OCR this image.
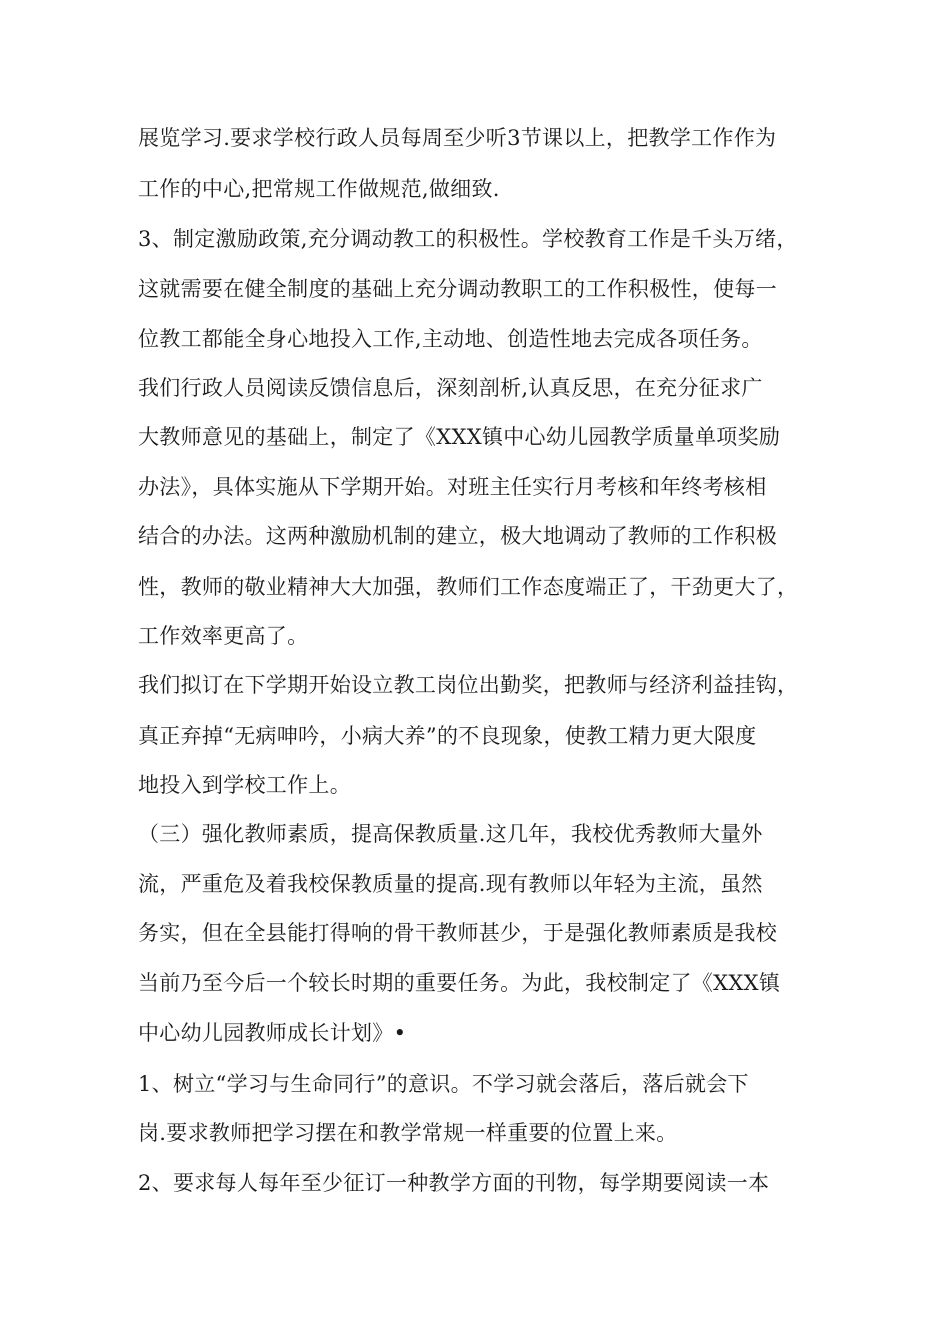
展览学习.要求学校行政人员每周至少听3节课以上，把教学工作作为

工作的中心,把常规工作做规范,做细致.

3、制定激励政策,充分调动教工的积极性。学校教育工作是千头万绪，

这就需要在健全制度的基础上充分调动教职工的工作积极性，使每一

位教工都能全身心地投入工作,主动地、创造性地去完成各项任务。

我们行政人员阅读反馈信息后，深刻剖析,认真反思，在充分征求广

大教师意见的基础上，制定了《XXX镇中心幼儿园教学质量单项奖励

办法》，具体实施从下学期开始。对班主任实行月考核和年终考核相

结合的办法。这两种激励机制的建立，极大地调动了教师的工作积极

性，教师的敬业精神大大加强，教师们工作态度端正了，干劲更大了，

工作效率更高了。

我们拟订在下学期开始设立教工岗位出勤奖，把教师与经济利益挂钩，

真正弃掉“无病呻吟，小病大养”的不良现象，使教工精力更大限度

地投入到学校工作上。

（三）强化教师素质，提高保教质量.这几年，我校优秀教师大量外

流，严重危及着我校保教质量的提高.现有教师以年轻为主流，虽然

务实，但在全县能打得响的骨干教师甚少，于是强化教师素质是我校

当前乃至今后一个较长时期的重要任务。为此，我校制定了《XXX镇

中心幼儿园教师成长计划》•

1、树立“学习与生命同行”的意识。不学习就会落后，落后就会下

岗.要求教师把学习摆在和教学常规一样重要的位置上来。

2、要求每人每年至少征订一种教学方面的刊物，每学期要阅读一本
